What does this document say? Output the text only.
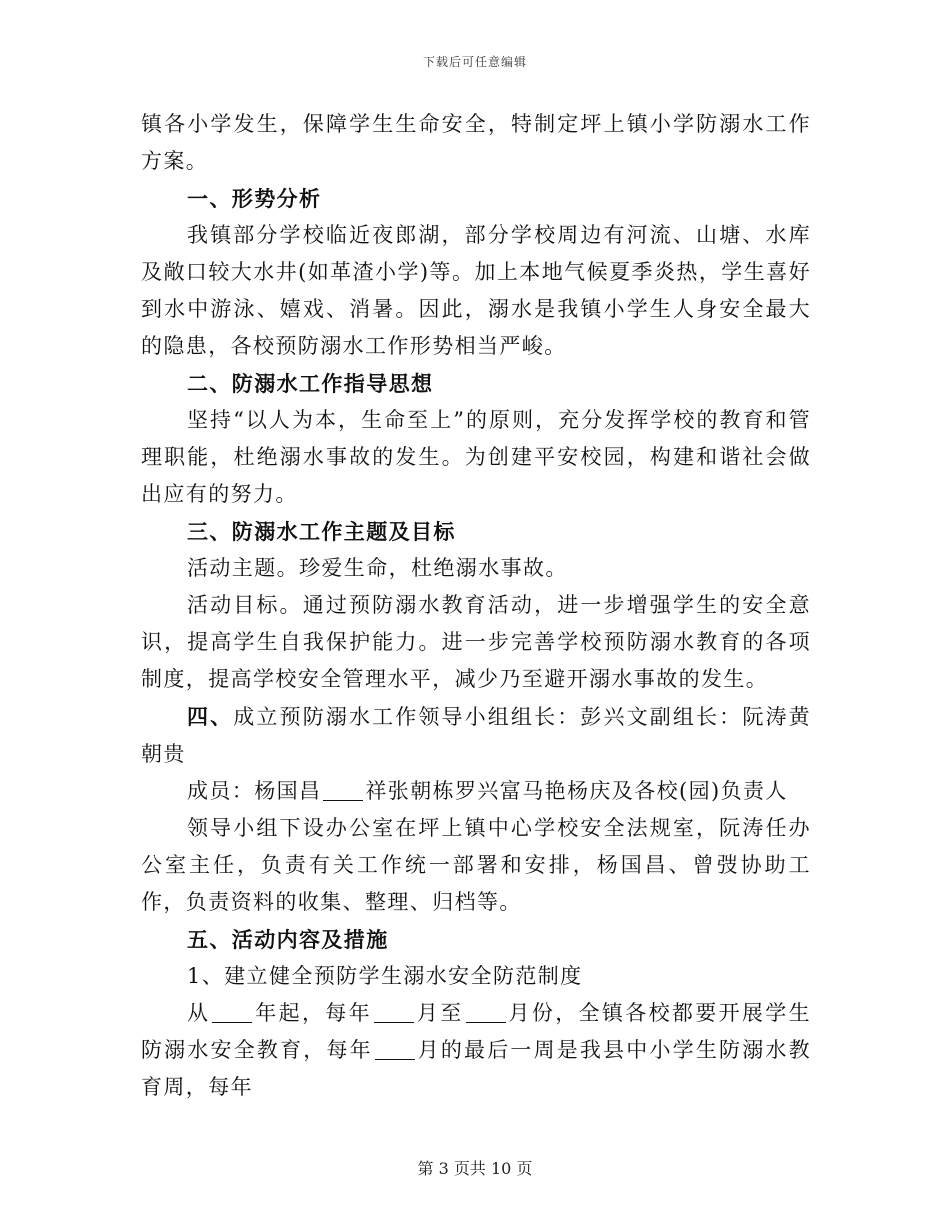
下载后可任意编辑

镇各小学发生，保障学生生命安全，特制定坪上镇小学防溺水工作方案。

一、形势分析

我镇部分学校临近夜郎湖，部分学校周边有河流、山塘、水库及敞口较大水井(如革渣小学)等。加上本地气候夏季炎热，学生喜好到水中游泳、嬉戏、消暑。因此，溺水是我镇小学生人身安全最大的隐患，各校预防溺水工作形势相当严峻。

二、防溺水工作指导思想

坚持“以人为本，生命至上”的原则，充分发挥学校的教育和管理职能，杜绝溺水事故的发生。为创建平安校园，构建和谐社会做出应有的努力。

三、防溺水工作主题及目标

活动主题。珍爱生命，杜绝溺水事故。

活动目标。通过预防溺水教育活动，进一步增强学生的安全意识，提高学生自我保护能力。进一步完善学校预防溺水教育的各项制度，提高学校安全管理水平，减少乃至避开溺水事故的发生。

四、成立预防溺水工作领导小组组长：彭兴文副组长：阮涛黄朝贵

成员：杨国昌 祥张朝栋罗兴富马艳杨庆及各校(园)负责人

领导小组下设办公室在坪上镇中心学校安全法规室，阮涛任办公室主任，负责有关工作统一部署和安排，杨国昌、曾弢协助工作，负责资料的收集、整理、归档等。

五、活动内容及措施

1、建立健全预防学生溺水安全防范制度

从 年起，每年 月至 月份，全镇各校都要开展学生防溺水安全教育，每年 月的最后一周是我县中小学生防溺水教育周，每年

第 3 页共 10 页
